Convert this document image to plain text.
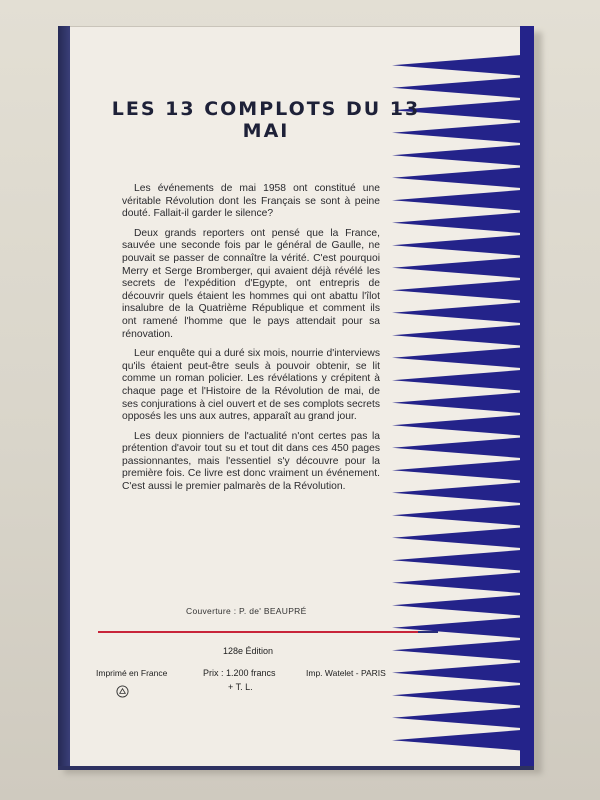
LES 13 COMPLOTS DU 13 MAI

Les événements de mai 1958 ont constitué une véritable Révolution dont les Français se sont à peine douté. Fallait-il garder le silence?

Deux grands reporters ont pensé que la France, sauvée une seconde fois par le général de Gaulle, ne pouvait se passer de connaître la vérité. C'est pourquoi Merry et Serge Bromberger, qui avaient déjà révélé les secrets de l'expédition d'Egypte, ont entrepris de découvrir quels étaient les hommes qui ont abattu l'îlot insalubre de la Quatrième République et comment ils ont ramené l'homme que le pays attendait pour sa rénovation.

Leur enquête qui a duré six mois, nourrie d'interviews qu'ils étaient peut-être seuls à pouvoir obtenir, se lit comme un roman policier. Les révélations y crépitent à chaque page et l'Histoire de la Révolution de mai, de ses conjurations à ciel ouvert et de ses complots secrets opposés les uns aux autres, apparaît au grand jour.

Les deux pionniers de l'actualité n'ont certes pas la prétention d'avoir tout su et tout dit dans ces 450 pages passionnantes, mais l'essentiel s'y découvre pour la première fois. Ce livre est donc vraiment un événement. C'est aussi le premier palmarès de la Révolution.

Couverture : P. de' BEAUPRÉ
128e Édition
Imprimé en France	Prix : 1.200 francs
+ T. L.
Imp. Watelet - PARIS
